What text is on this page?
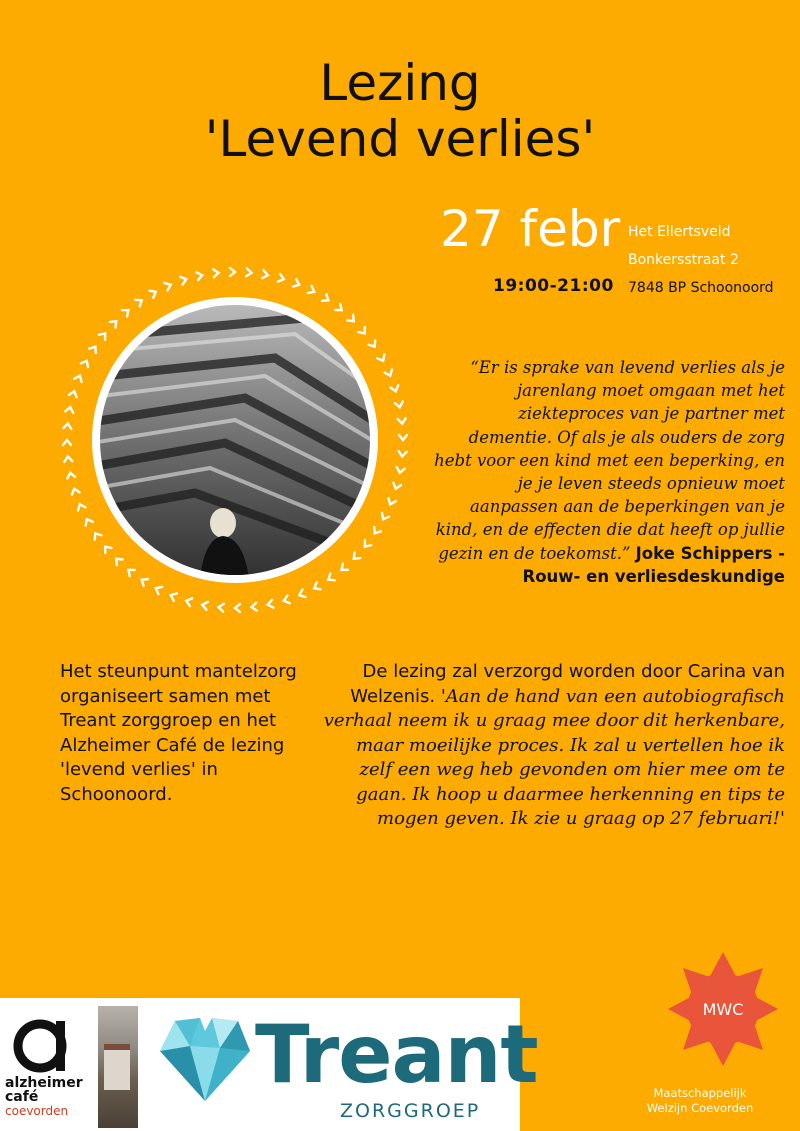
Lezing
'Levend verlies'
27 febr
19:00-21:00
Het Ellertsveld
Bonkersstraat 2
7848 BP Schoonoord
“Er is sprake van levend verlies als je jarenlang moet omgaan met het ziekteproces van je partner met dementie. Of als je als ouders de zorg hebt voor een kind met een beperking, en je je leven steeds opnieuw moet aanpassen aan de beperkingen van je kind, en de effecten die dat heeft op jullie gezin en de toekomst.” Joke Schippers - Rouw- en verliesdeskundige
Het steunpunt mantelzorg organiseert samen met Treant zorggroep en het Alzheimer Café de lezing 'levend verlies' in Schoonoord.
De lezing zal verzorgd worden door Carina van Welzenis. 'Aan de hand van een autobiografisch verhaal neem ik u graag mee door dit herkenbare, maar moeilijke proces. Ik zal u vertellen hoe ik zelf een weg heb gevonden om hier mee om te gaan. Ik hoop u daarmee herkenning en tips te mogen geven. Ik zie u graag op 27 februari!'
alzheimer
café
coevorden
Treant
ZORGGROEP
MWC
Maatschappelijk
Welzijn Coevorden
